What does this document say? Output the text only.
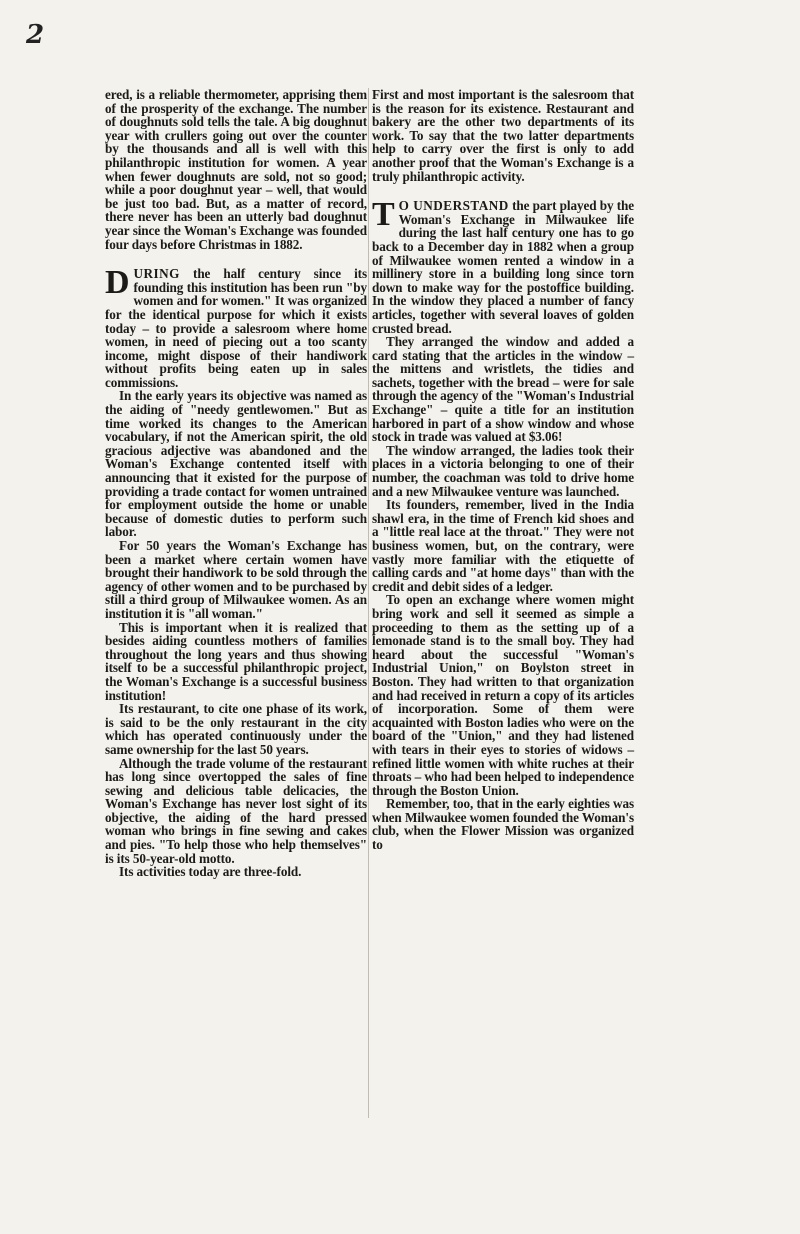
2

ered, is a reliable thermometer, apprising them of the prosperity of the exchange. The number of doughnuts sold tells the tale. A big doughnut year with crullers going out over the counter by the thousands and all is well with this philanthropic institution for women. A year when fewer doughnuts are sold, not so good; while a poor doughnut year – well, that would be just too bad. But, as a matter of record, there never has been an utterly bad doughnut year since the Woman's Exchange was founded four days before Christmas in 1882.

DURING the half century since its founding this institution has been run "by women and for women." It was organized for the identical purpose for which it exists today – to provide a salesroom where home women, in need of piecing out a too scanty income, might dispose of their handiwork without profits being eaten up in sales commissions.

In the early years its objective was named as the aiding of "needy gentlewomen." But as time worked its changes to the American vocabulary, if not the American spirit, the old gracious adjective was abandoned and the Woman's Exchange contented itself with announcing that it existed for the purpose of providing a trade contact for women untrained for employment outside the home or unable because of domestic duties to perform such labor.

For 50 years the Woman's Exchange has been a market where certain women have brought their handiwork to be sold through the agency of other women and to be purchased by still a third group of Milwaukee women. As an institution it is "all woman."

This is important when it is realized that besides aiding countless mothers of families throughout the long years and thus showing itself to be a successful philanthropic project, the Woman's Exchange is a successful business institution!

Its restaurant, to cite one phase of its work, is said to be the only restaurant in the city which has operated continuously under the same ownership for the last 50 years.

Although the trade volume of the restaurant has long since overtopped the sales of fine sewing and delicious table delicacies, the Woman's Exchange has never lost sight of its objective, the aiding of the hard pressed woman who brings in fine sewing and cakes and pies. "To help those who help themselves" is its 50-year-old motto.

Its activities today are three-fold.

First and most important is the salesroom that is the reason for its existence. Restaurant and bakery are the other two departments of its work. To say that the two latter departments help to carry over the first is only to add another proof that the Woman's Exchange is a truly philanthropic activity.

T O UNDERSTAND the part played by the Woman's Exchange in Milwaukee life during the last half century one has to go back to a December day in 1882 when a group of Milwaukee women rented a window in a millinery store in a building long since torn down to make way for the postoffice building. In the window they placed a number of fancy articles, together with several loaves of golden crusted bread.

They arranged the window and added a card stating that the articles in the window – the mittens and wristlets, the tidies and sachets, together with the bread – were for sale through the agency of the "Woman's Industrial Exchange" – quite a title for an institution harbored in part of a show window and whose stock in trade was valued at $3.06!

The window arranged, the ladies took their places in a victoria belonging to one of their number, the coachman was told to drive home and a new Milwaukee venture was launched.

Its founders, remember, lived in the India shawl era, in the time of French kid shoes and a "little real lace at the throat." They were not business women, but, on the contrary, were vastly more familiar with the etiquette of calling cards and "at home days" than with the credit and debit sides of a ledger.

To open an exchange where women might bring work and sell it seemed as simple a proceeding to them as the setting up of a lemonade stand is to the small boy. They had heard about the successful "Woman's Industrial Union," on Boylston street in Boston. They had written to that organization and had received in return a copy of its articles of incorporation. Some of them were acquainted with Boston ladies who were on the board of the "Union," and they had listened with tears in their eyes to stories of widows – refined little women with white ruches at their throats – who had been helped to independence through the Boston Union.

Remember, too, that in the early eighties was when Milwaukee women founded the Woman's club, when the Flower Mission was organized to
